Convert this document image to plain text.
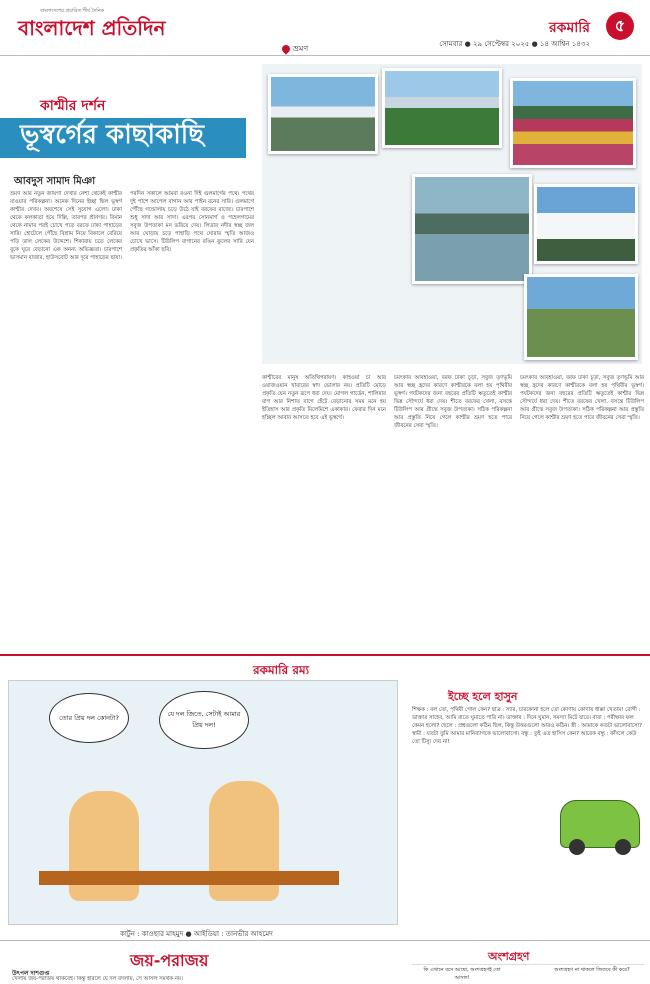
বাংলাদেশের প্রচারিত শীর্ষ দৈনিক
বাংলাদেশ প্রতিদিন
ভ্রমণ
রকমারি	৫
সোমবার ● ২৯ সেপ্টেম্বর ২০২৫ ● ১৪ আশ্বিন ১৪৩২
কাশ্মীর দর্শন
ভূস্বর্গের কাছাকাছি
আবদুস সামাদ মিঞা
ভ্রমণ আর নতুন জায়গা দেখার নেশা থেকেই কাশ্মীর যাওয়ার পরিকল্পনা। অনেক দিনের ইচ্ছা ছিল ভূস্বর্গ কাশ্মীর দেখব। অবশেষে সেই সুযোগ এলো। ঢাকা থেকে কলকাতা হয়ে দিল্লি, তারপর শ্রীনগর। বিমান থেকে নামার পরই চোখে পড়ে বরফে ঢাকা পাহাড়ের সারি। হোটেলে পৌঁছে বিশ্রাম নিয়ে বিকালে বেরিয়ে পড়ি ডাল লেকের উদ্দেশে। শিকারায় চড়ে লেকের বুকে ঘুরে বেড়ানো এক অনন্য অভিজ্ঞতা। চারপাশে ভাসমান বাজার, হাউসবোট আর দূরে পাহাড়ের ছায়া।
পরদিন সকালে আমরা রওনা দিই গুলমার্গের পথে। পথের দুই পাশে আপেল বাগান আর পাইন বনের সারি। গুলমার্গে পৌঁছে গন্ডোলায় চড়ে উঠে যাই বরফের রাজ্যে। চারপাশে শুধু সাদা আর সাদা। এরপর সোনমার্গ ও পহেলগামের সবুজ উপত্যকা মন ভরিয়ে দেয়। লিডার নদীর স্বচ্ছ জল আর ঘোড়ায় চড়ে পাহাড়ি পথে ঘোরার স্মৃতি আজও চোখে ভাসে। টিউলিপ বাগানের রঙিন ফুলের সারি যেন প্রকৃতির আঁকা ছবি।
কাশ্মীরের মানুষ অতিথিপরায়ণ। কাহওয়া চা আর ওয়াজওয়ান খাবারের স্বাদ ভোলার নয়। প্রতিটি মোড়ে প্রকৃতি যেন নতুন রূপে ধরা দেয়। মোগল গার্ডেন, শালিমার বাগ আর নিশাত বাগে হেঁটে বেড়ানোর সময় মনে হয় ইতিহাস আর প্রকৃতি মিলেমিশে একাকার। ফেরার দিন মনে হচ্ছিল আবার আসতে হবে এই ভূস্বর্গে।
চমৎকার আবহাওয়া, বরফ ঢাকা চূড়া, সবুজ তৃণভূমি আর স্বচ্ছ হ্রদের কারণে কাশ্মীরকে বলা হয় পৃথিবীর ভূস্বর্গ। পর্যটকদের জন্য বছরের প্রতিটি ঋতুতেই কাশ্মীর ভিন্ন সৌন্দর্যে ধরা দেয়। শীতে বরফের খেলা, বসন্তে টিউলিপ আর গ্রীষ্মে সবুজ উপত্যকা। সঠিক পরিকল্পনা আর প্রস্তুতি নিয়ে গেলে কাশ্মীর ভ্রমণ হতে পারে জীবনের সেরা স্মৃতি।
চমৎকার আবহাওয়া, বরফ ঢাকা চূড়া, সবুজ তৃণভূমি আর স্বচ্ছ হ্রদের কারণে কাশ্মীরকে বলা হয় পৃথিবীর ভূস্বর্গ। পর্যটকদের জন্য বছরের প্রতিটি ঋতুতেই কাশ্মীর ভিন্ন সৌন্দর্যে ধরা দেয়। শীতে বরফের খেলা, বসন্তে টিউলিপ আর গ্রীষ্মে সবুজ উপত্যকা। সঠিক পরিকল্পনা আর প্রস্তুতি নিয়ে গেলে কাশ্মীর ভ্রমণ হতে পারে জীবনের সেরা স্মৃতি।
রকমারি রম্য
তোর প্রিয় দল কোনটা?	যে দল জিতে, সেটাই আমার প্রিয় দল!
কার্টুন : কাওছার মাহমুদ ● আইডিয়া : তানভীর আহমেদ
ইচ্ছে হলে হাসুন
শিক্ষক : বল তো, পৃথিবী গোল কেন? ছাত্র : স্যার, চারকোনা হলে তো কোণায় কোণায় ধাক্কা খেতাম! রোগী : ডাক্তার সাহেব, আমি রাতে ঘুমাতে পারি না। ডাক্তার : দিনে ঘুমান, সমস্যা মিটে যাবে। বাবা : পরীক্ষার ফল কেমন হলো? ছেলে : প্রশ্নগুলো কঠিন ছিল, কিন্তু উত্তরগুলো আরও কঠিন। স্ত্রী : আমাকে কতটা ভালোবাসো? স্বামী : যতটা তুমি আমার মানিব্যাগকে ভালোবাসো। বন্ধু : তুই এত হাসিস কেন? আরেক বন্ধু : কাঁদলে কেউ তো টিস্যু দেয় না!
জয়-পরাজয়
উৎপল দাশগুপ্ত
খেলায় জয়-পরাজয় থাকবেই। কিন্তু হারলে যে দল বদলায়, সে আসল সমর্থক নয়।
অংশগ্রহণ
কি এখানে বসে আছো, অংশগ্রহণই তো আসল!
অংশগ্রহণ না থাকলে জিতবে কী করে?
